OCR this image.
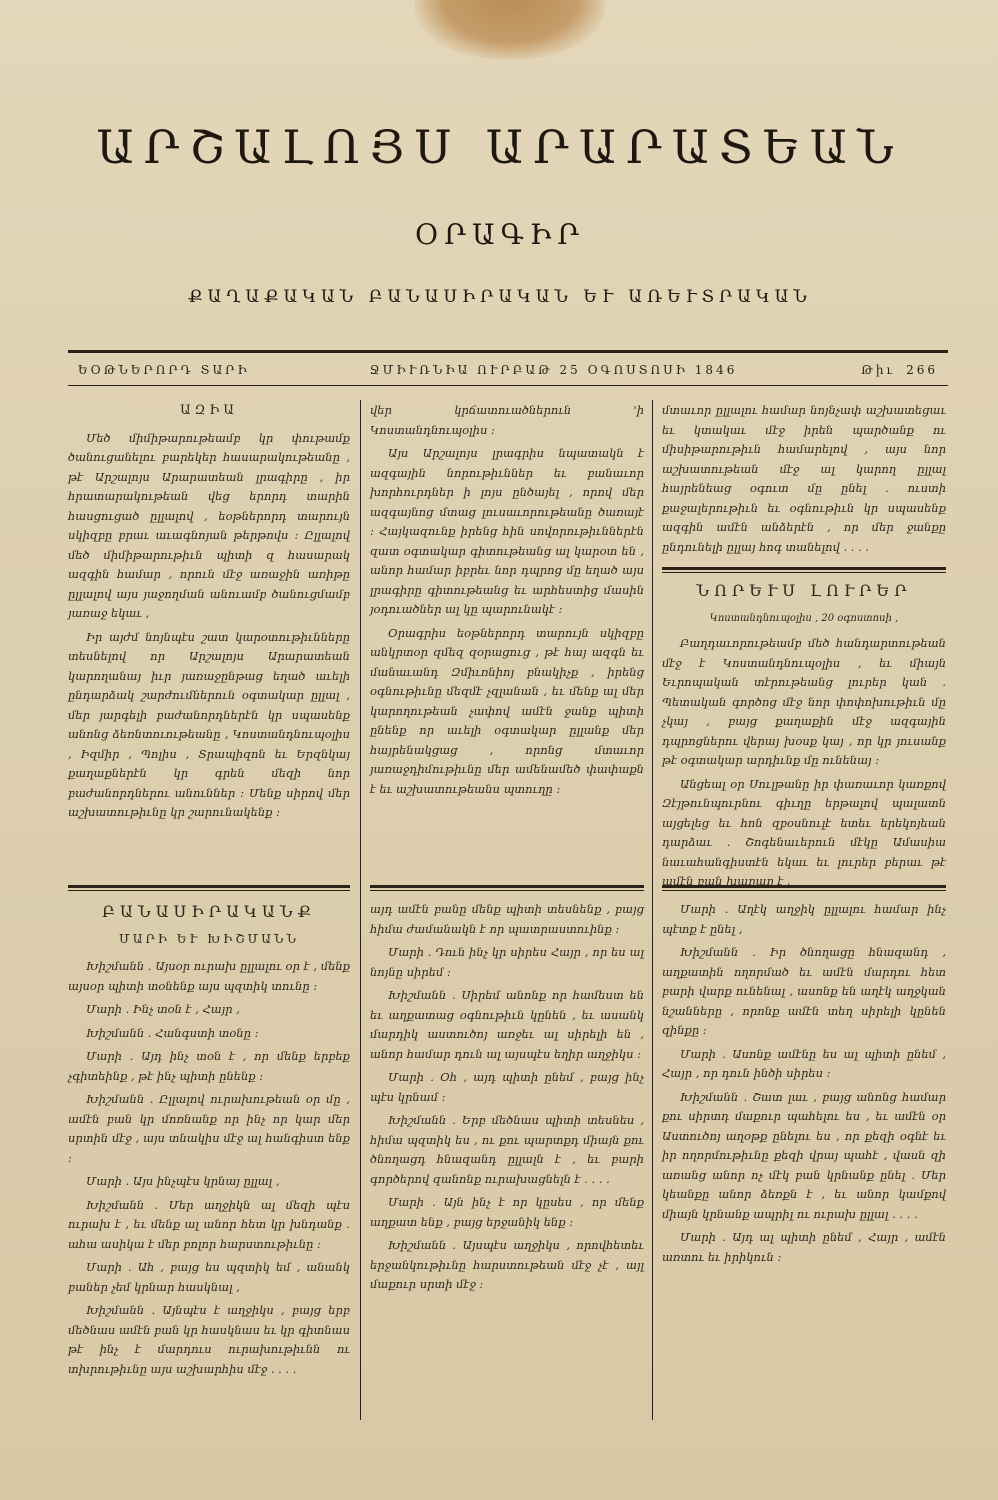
ԱՐՇԱԼՈՅՍ ԱՐԱՐԱՏԵԱՆ
ՕՐԱԳԻՐ
ՔԱՂԱՔԱԿԱՆ ԲԱՆԱՍԻՐԱԿԱՆ ԵՒ ԱՌԵՒՏՐԱԿԱՆ
ԵՕԹՆԵՐՈՐԴ ՏԱՐԻ	ՋՄԻՒՌՆԻԱ ՈՒՐԲԱԹ 25 ՕԳՈՍՏՈՍԻ 1846	Թիւ 266
ԱԶԻԱ

Մեծ միմիթարութեամբ կր փութամք ծանուցանելու բարեկեր հասարակութեանը , թէ Արշալոյս Արարատեան լրագիրը , իր հրատարակութեան վեց երորդ տարին հասցուցած ըլլալով , եօթներորդ տարույն սկիզբը բրաւ աւագնոյան թերթովս : Ըլլալով մեծ միմիթարութիւն պիտի զ հասարակ ազգին համար , որուն մէջ առաջին առիթը ըլլալով այս յաջողման անուամբ ծանուցմամբ յառաջ եկաւ ,

Իր այժմ նոյնպէս շատ կարօտութիւնները տեսնելով որ Արշալոյս Արարատեան կարողանայ իւր յառաջընթաց եղած աւելի ընդարձակ շարժումներուն օգտակար ըլլալ , մեր յարգելի բաժանորդներէն կր սպասենք անոնց ձեռնտուութեանը , Կոստանդնուպօլիս , Իզմիր , Պոլիս , Տրապիզոն եւ Երզնկայ քաղաքներէն կր գրեն մեզի նոր բաժանորդներու անուններ : Մենք սիրով մեր աշխատութիւնը կր շարունակենք :

վեր կրճատուածներուն 'ի Կոստանդնուպօլիս :

Այս Արշալոյս լրագրիս նպատակն է ազգային նորութիւններ եւ բանաւոր խորհուրդներ ի լոյս ընծայել , որով մեր ազգայնոց մտաց լուսաւորութեանը ծառայէ : Հայկազունք իրենց հին սովորութիւններէն զատ օգտակար գիտութեանց ալ կարօտ են , անոր համար իբրեւ նոր դպրոց մը եղած այս լրագիրը գիտութեանց եւ արհեստից մասին յօդուածներ ալ կը պարունակէ :

Օրագրիս եօթներորդ տարույն սկիզբը անկրտօր զմեզ զօրացուց , թէ հայ ազգն եւ մանաւանդ Զմիւռնիոյ բնակիչք , իրենց օգնութիւնը մեզմէ չզլանան , եւ մենք ալ մեր կարողութեան չափով ամէն ջանք պիտի ընենք որ աւելի օգտակար ըլլանք մեր հայրենակցաց , որոնց մտաւոր յառաջդիմութիւնը մեր ամենամեծ փափաքն է եւ աշխատութեանս պտուղը :

մտաւոր ըլլալու համար նոյնչափ աշխատեցաւ եւ կտակաւ մէջ իրեն պարծանք ու միսիթարութիւն համարելով , այս նոր աշխատութեան մէջ ալ կարող ըլլալ հայրենեաց օգուտ մը ընել . ուստի քաջալերութիւն եւ օգնութիւն կր սպասենք ազգին ամէն անձերէն , որ մեր ջանքը ընդունելի ըլլայ հոգ տանելով . . . .

ՆՈՐԵՒՍ ԼՈՒՐԵՐ
Կոստանդնուպօլիս , 20 օգոստոսի ,

Բաղդաւորութեամբ մեծ հանդարտութեան մէջ է Կոստանդնուպօլիս , եւ միայն Եւրոպական տէրութեանց լուրեր կան . Պետական գործոց մէջ նոր փոփոխութիւն մը չկայ , բայց քաղաքին մէջ ազգային դպրոցներու վերայ խօսք կայ , որ կր յուսանք թէ օգտակար արդիւնք մը ունենայ :

Անցեալ օր Սուլթանը իր փառաւոր կառքով Զէյթունպուրնու գիւղը երթալով պալատն այցելեց եւ հոն զբօսնուլէ ետեւ երեկոյեան դարձաւ . Շոգենաւերուն մէկը Ամասիա նաւահանգիստէն եկաւ եւ լուրեր բերաւ թէ ամէն բան խաղաղ է .

ԲԱՆԱՍԻՐԱԿԱՆՔ
ՄԱՐԻ ԵՒ ԽԻՇՄԱՆՆ

Խիշմանն . Այսօր ուրախ ըլլալու օր է , մենք այսօր պիտի տօնենք այս պզտիկ տունը :

Մարի . Ինչ տօն է , Հայր ,

Խիշմանն . Հանգստի տօնը :

Մարի . Այդ ինչ տօն է , որ մենք երբեք չգիտեինք , թէ ինչ պիտի ընենք :

Խիշմանն . Ըլլալով ուրախութեան օր մը , ամէն բան կր մոռնանք որ ինչ որ կար մեր սրտին մէջ , այս տնակիս մէջ ալ հանգիստ ենք :

Մարի . Այս ինչպէս կրնայ ըլլալ ,

Խիշմանն . Մեր աղջիկն ալ մեզի պէս ուրախ է , եւ մենք ալ անոր հետ կր խնդանք . ահա ասիկա է մեր բոլոր հարստութիւնը :

Մարի . Ահ , բայց ես պզտիկ եմ , անանկ բաներ չեմ կրնար հասկնալ ,

Խիշմանն . Այնպէս է աղջիկս , բայց երբ մեծնաս ամէն բան կր հասկնաս եւ կր գիտնաս թէ ինչ է մարդուս ուրախութիւնն ու տխրութիւնը այս աշխարհիս մէջ . . . .

այդ ամէն բանը մենք պիտի տեսնենք , բայց հիմա ժամանակն է որ պատրաստուինք :

Մարի . Դուն ինչ կր սիրես Հայր , որ ես ալ նոյնը սիրեմ :

Խիշմանն . Սիրեմ անոնք որ համեստ են եւ աղքատաց օգնութիւն կընեն , եւ ասանկ մարդիկ աստուծոյ առջեւ ալ սիրելի են , անոր համար դուն ալ այսպէս եղիր աղջիկս :

Մարի . Օհ , այդ պիտի ընեմ , բայց ինչ պէս կրնամ :

Խիշմանն . Երբ մեծնաս պիտի տեսնես , հիմա պզտիկ ես , ու քու պարտքդ միայն քու ծնողացդ հնազանդ ըլլալն է , եւ բարի գործերով զանոնք ուրախացնելն է . . . .

Մարի . Այն ինչ է որ կըսես , որ մենք աղքատ ենք , բայց երջանիկ ենք :

Խիշմանն . Այսպէս աղջիկս , որովհետեւ երջանկութիւնը հարստութեան մէջ չէ , այլ մաքուր սրտի մէջ :

Մարի . Աղէկ աղջիկ ըլլալու համար ինչ պէտք է ընել ,

Խիշմանն . Իր ծնողացը հնազանդ , աղքատին ողորմած եւ ամէն մարդու հետ բարի վարք ունենալ , ասոնք են աղէկ աղջկան նշանները , որոնք ամէն տեղ սիրելի կընեն զինքը :

Մարի . Ասոնք ամէնը ես ալ պիտի ընեմ , Հայր , որ դուն ինծի սիրես :

Խիշմանն . Շատ լաւ , բայց անոնց համար քու սիրտդ մաքուր պահելու ես , եւ ամէն օր Աստուծոյ աղօթք ընելու ես , որ քեզի օգնէ եւ իր ողորմութիւնը քեզի վրայ պահէ , վասն զի առանց անոր ոչ մէկ բան կրնանք ընել . Մեր կեանքը անոր ձեռքն է , եւ անոր կամքով միայն կրնանք ապրիլ ու ուրախ ըլլալ . . . .

Մարի . Այդ ալ պիտի ընեմ , Հայր , ամէն առտու եւ իրիկուն :
